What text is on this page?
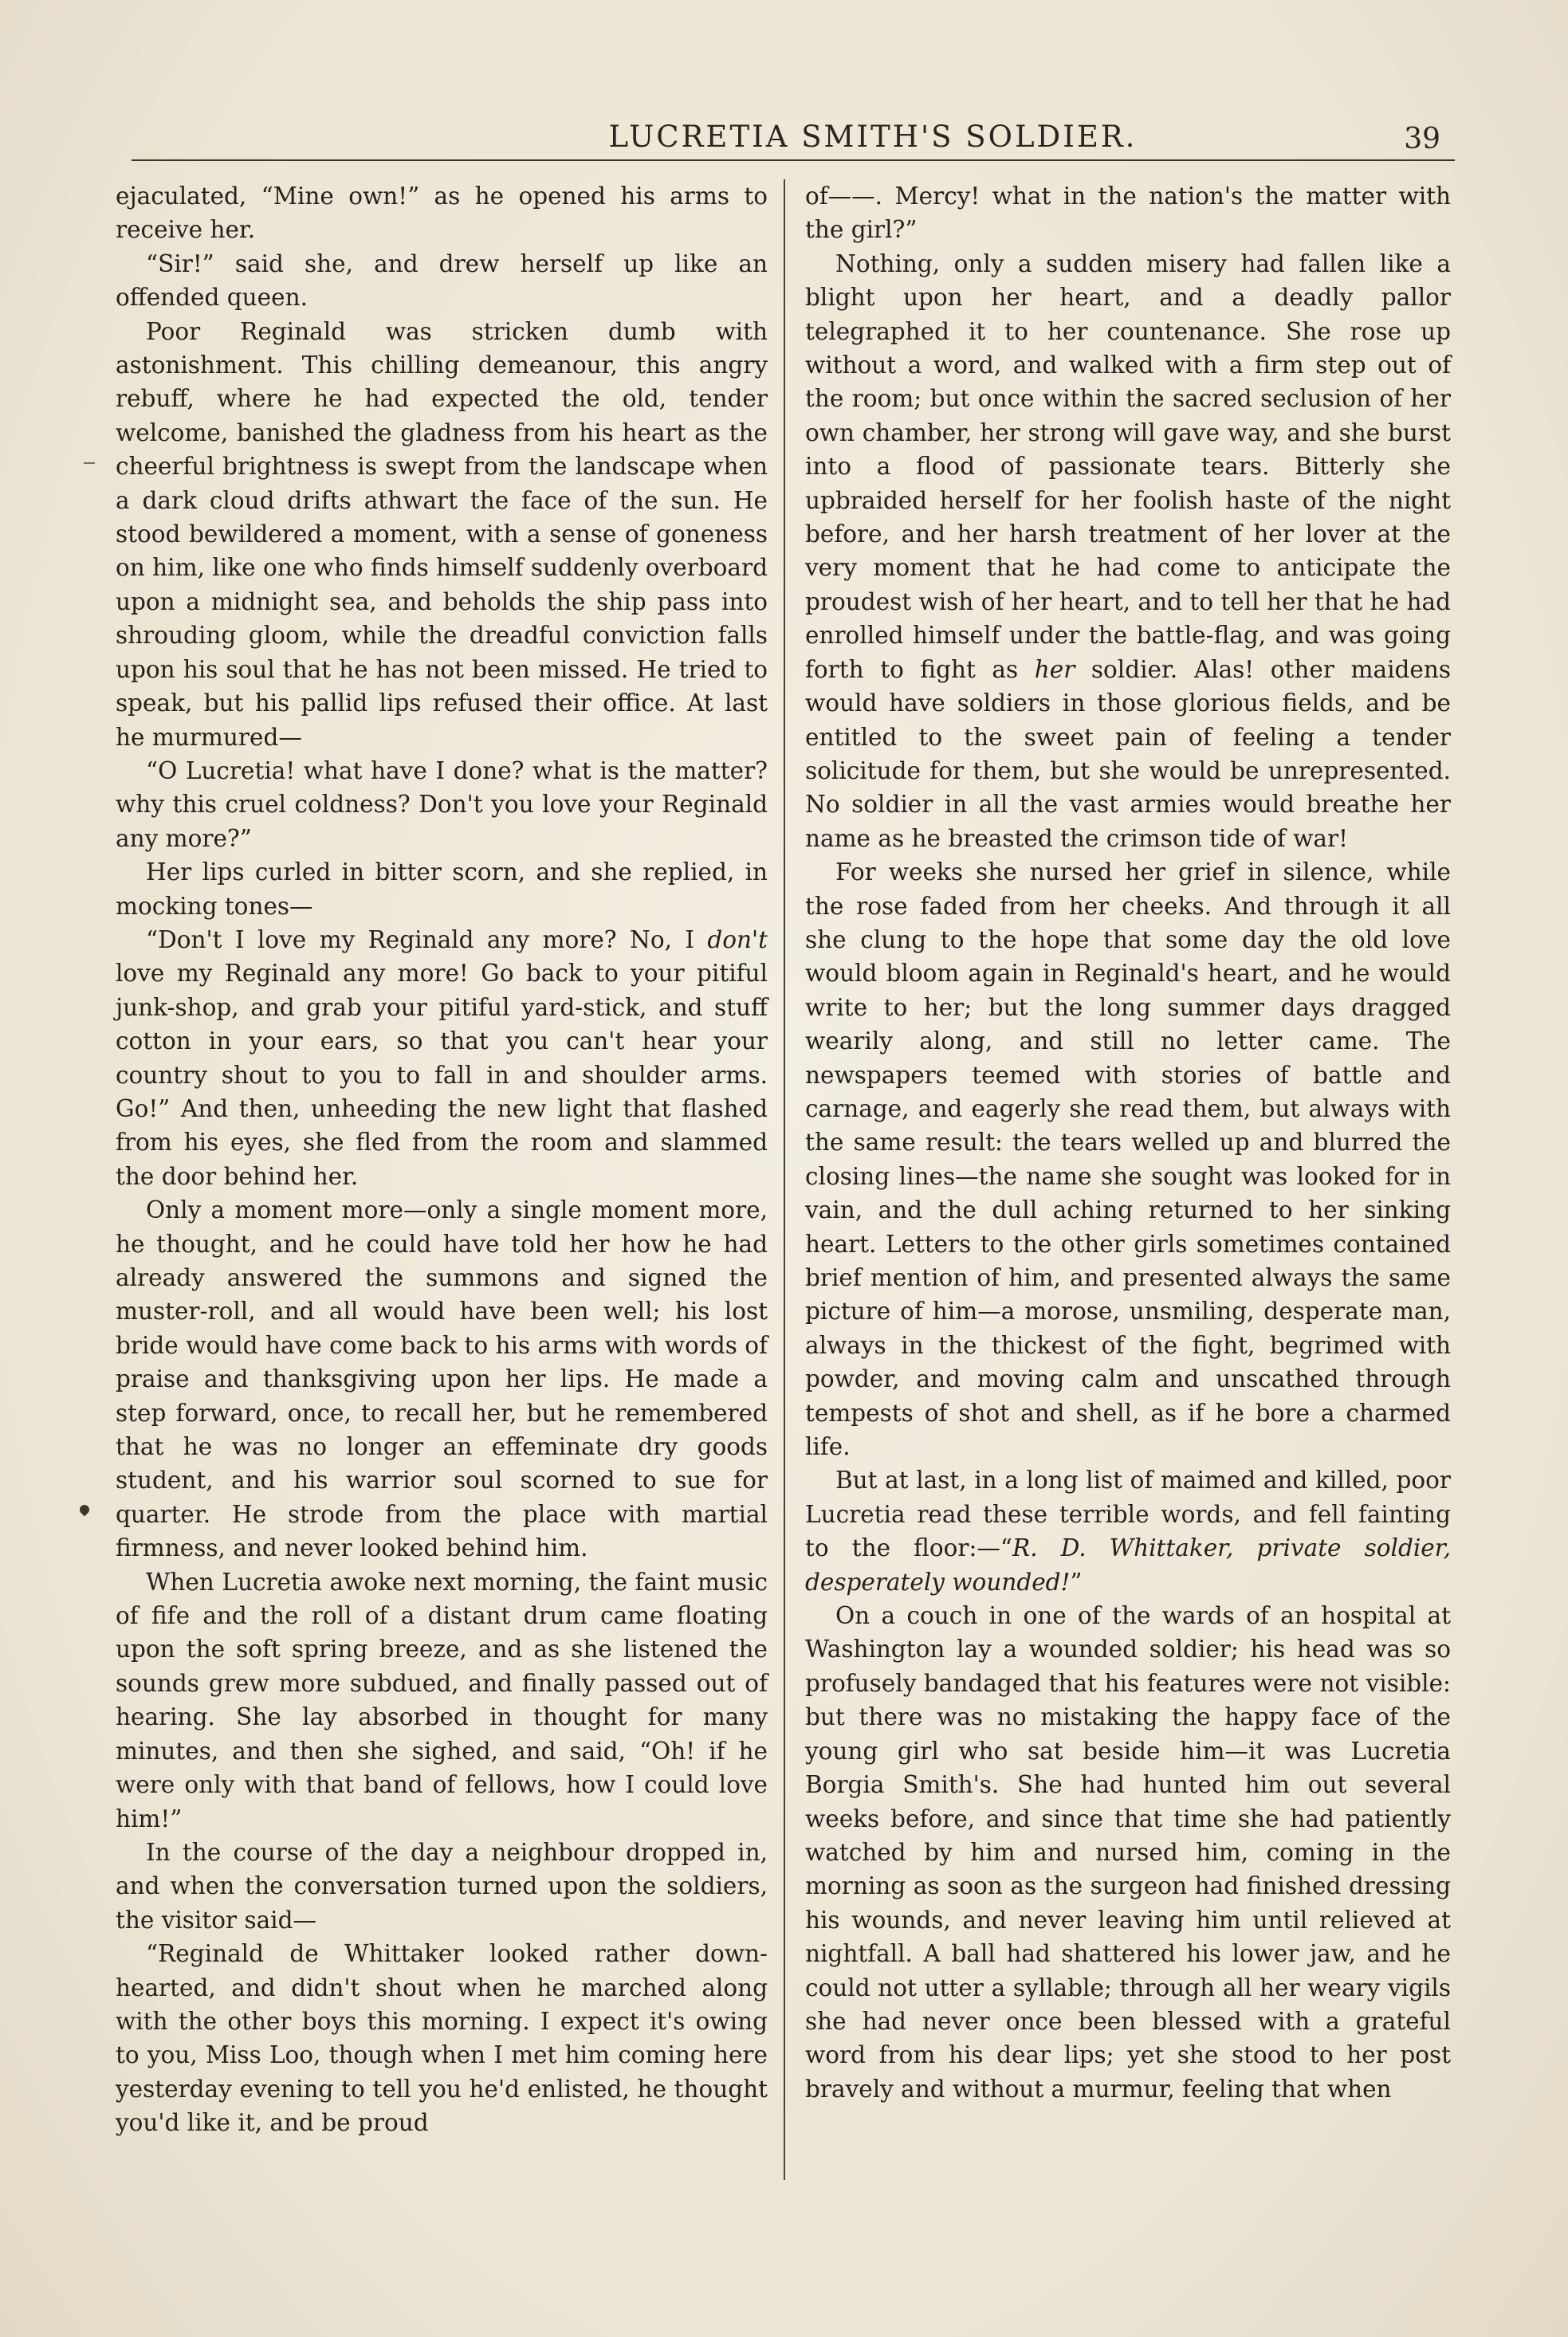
LUCRETIA SMITH'S SOLDIER.	39

ejaculated, “Mine own!” as he opened his arms to receive her.

“Sir!” said she, and drew herself up like an offended queen.

Poor Reginald was stricken dumb with astonishment. This chilling demeanour, this angry rebuff, where he had expected the old, tender welcome, banished the gladness from his heart as the cheerful brightness is swept from the landscape when a dark cloud drifts athwart the face of the sun. He stood bewildered a moment, with a sense of goneness on him, like one who finds himself suddenly overboard upon a midnight sea, and beholds the ship pass into shrouding gloom, while the dreadful conviction falls upon his soul that he has not been missed. He tried to speak, but his pallid lips refused their office. At last he murmured—

“O Lucretia! what have I done? what is the matter? why this cruel coldness? Don't you love your Reginald any more?”

Her lips curled in bitter scorn, and she replied, in mocking tones—

“Don't I love my Reginald any more? No, I don't love my Reginald any more! Go back to your pitiful junk-shop, and grab your pitiful yard-stick, and stuff cotton in your ears, so that you can't hear your country shout to you to fall in and shoulder arms. Go!” And then, unheeding the new light that flashed from his eyes, she fled from the room and slammed the door behind her.

Only a moment more—only a single moment more, he thought, and he could have told her how he had already answered the summons and signed the muster-roll, and all would have been well; his lost bride would have come back to his arms with words of praise and thanksgiving upon her lips. He made a step forward, once, to recall her, but he remembered that he was no longer an effeminate dry goods student, and his warrior soul scorned to sue for quarter. He strode from the place with martial firmness, and never looked behind him.

When Lucretia awoke next morning, the faint music of fife and the roll of a distant drum came floating upon the soft spring breeze, and as she listened the sounds grew more subdued, and finally passed out of hearing. She lay absorbed in thought for many minutes, and then she sighed, and said, “Oh! if he were only with that band of fellows, how I could love him!”

In the course of the day a neighbour dropped in, and when the conversation turned upon the soldiers, the visitor said—

“Reginald de Whittaker looked rather down-hearted, and didn't shout when he marched along with the other boys this morning. I expect it's owing to you, Miss Loo, though when I met him coming here yesterday evening to tell you he'd enlisted, he thought you'd like it, and be proud

of——. Mercy! what in the nation's the matter with the girl?”

Nothing, only a sudden misery had fallen like a blight upon her heart, and a deadly pallor telegraphed it to her countenance. She rose up without a word, and walked with a firm step out of the room; but once within the sacred seclusion of her own chamber, her strong will gave way, and she burst into a flood of passionate tears. Bitterly she upbraided herself for her foolish haste of the night before, and her harsh treatment of her lover at the very moment that he had come to anticipate the proudest wish of her heart, and to tell her that he had enrolled himself under the battle-flag, and was going forth to fight as her soldier. Alas! other maidens would have soldiers in those glorious fields, and be entitled to the sweet pain of feeling a tender solicitude for them, but she would be unrepresented. No soldier in all the vast armies would breathe her name as he breasted the crimson tide of war!

For weeks she nursed her grief in silence, while the rose faded from her cheeks. And through it all she clung to the hope that some day the old love would bloom again in Reginald's heart, and he would write to her; but the long summer days dragged wearily along, and still no letter came. The newspapers teemed with stories of battle and carnage, and eagerly she read them, but always with the same result: the tears welled up and blurred the closing lines—the name she sought was looked for in vain, and the dull aching returned to her sinking heart. Letters to the other girls sometimes contained brief mention of him, and presented always the same picture of him—a morose, unsmiling, desperate man, always in the thickest of the fight, begrimed with powder, and moving calm and unscathed through tempests of shot and shell, as if he bore a charmed life.

But at last, in a long list of maimed and killed, poor Lucretia read these terrible words, and fell fainting to the floor:—“R. D. Whittaker, private soldier, desperately wounded!”

On a couch in one of the wards of an hospital at Washington lay a wounded soldier; his head was so profusely bandaged that his features were not visible: but there was no mistaking the happy face of the young girl who sat beside him—it was Lucretia Borgia Smith's. She had hunted him out several weeks before, and since that time she had patiently watched by him and nursed him, coming in the morning as soon as the surgeon had finished dressing his wounds, and never leaving him until relieved at nightfall. A ball had shattered his lower jaw, and he could not utter a syllable; through all her weary vigils she had never once been blessed with a grateful word from his dear lips; yet she stood to her post bravely and without a murmur, feeling that when
